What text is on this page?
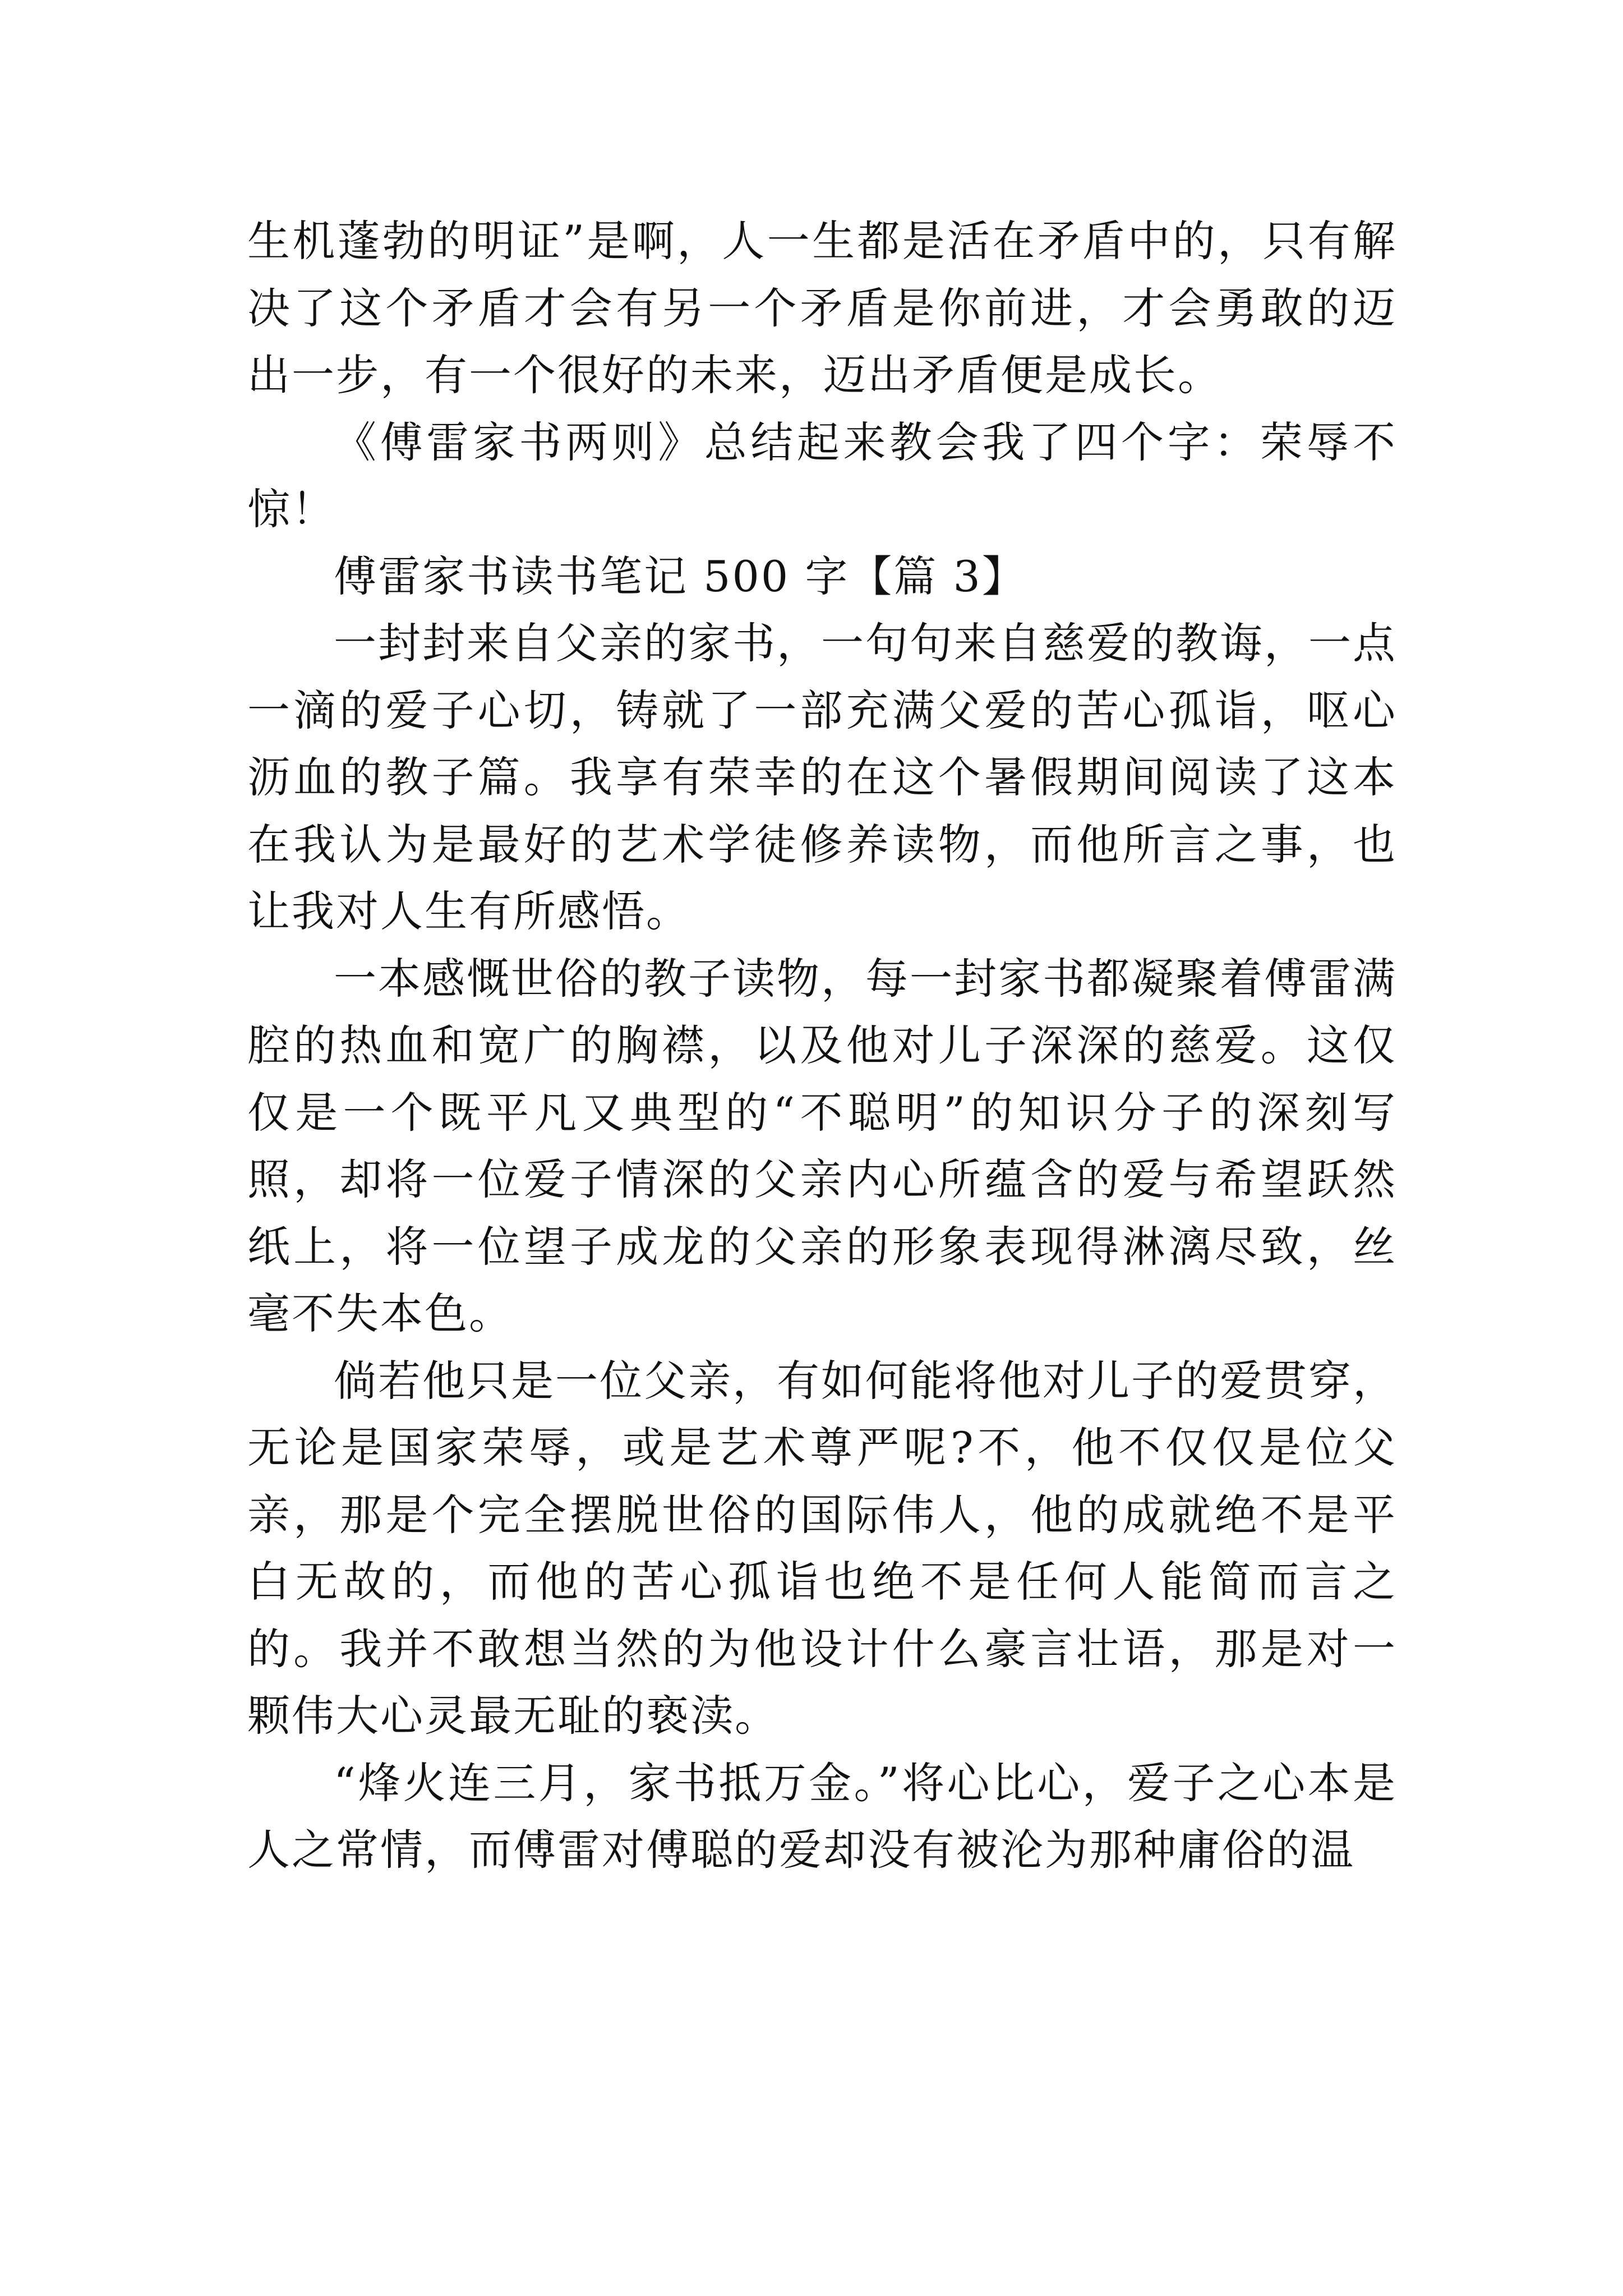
生机蓬勃的明证”是啊，人一生都是活在矛盾中的，只有解决了这个矛盾才会有另一个矛盾是你前进，才会勇敢的迈出一步，有一个很好的未来，迈出矛盾便是成长。

《傅雷家书两则》总结起来教会我了四个字：荣辱不惊！

傅雷家书读书笔记 500 字【篇 3】

一封封来自父亲的家书，一句句来自慈爱的教诲，一点一滴的爱子心切，铸就了一部充满父爱的苦心孤诣，呕心沥血的教子篇。我享有荣幸的在这个暑假期间阅读了这本在我认为是最好的艺术学徒修养读物，而他所言之事，也让我对人生有所感悟。

一本感慨世俗的教子读物，每一封家书都凝聚着傅雷满腔的热血和宽广的胸襟，以及他对儿子深深的慈爱。这仅仅是一个既平凡又典型的“不聪明”的知识分子的深刻写照，却将一位爱子情深的父亲内心所蕴含的爱与希望跃然纸上，将一位望子成龙的父亲的形象表现得淋漓尽致，丝毫不失本色。

倘若他只是一位父亲，有如何能将他对儿子的爱贯穿，无论是国家荣辱，或是艺术尊严呢?不，他不仅仅是位父亲，那是个完全摆脱世俗的国际伟人，他的成就绝不是平白无故的，而他的苦心孤诣也绝不是任何人能简而言之的。我并不敢想当然的为他设计什么豪言壮语，那是对一颗伟大心灵最无耻的亵渎。

“烽火连三月，家书抵万金。”将心比心，爱子之心本是人之常情，而傅雷对傅聪的爱却没有被沦为那种庸俗的温
